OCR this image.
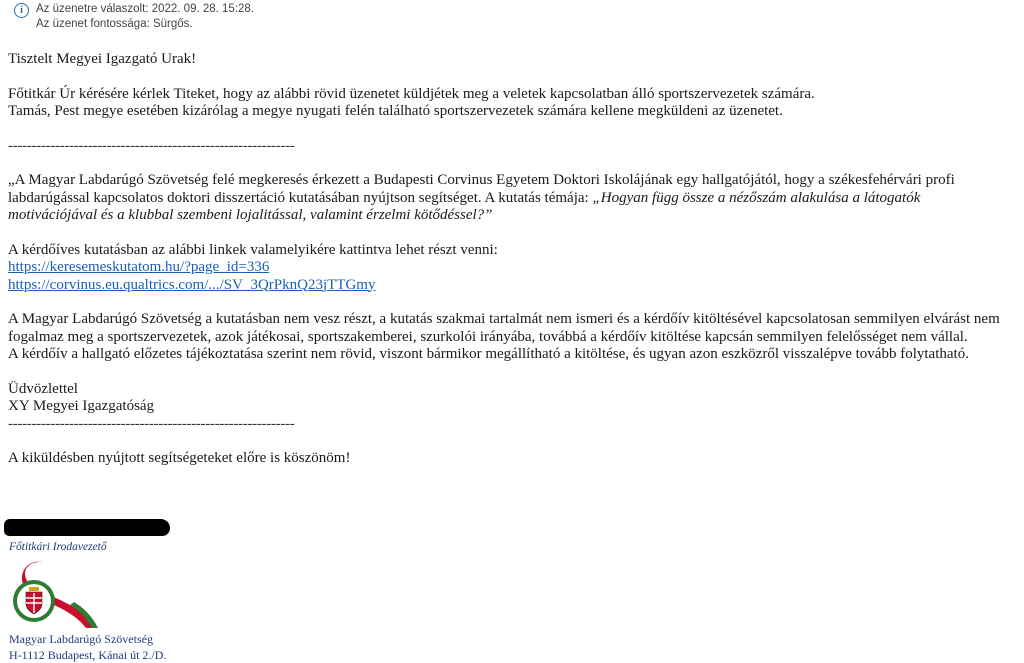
i	Az üzenetre válaszolt: 2022. 09. 28. 15:28.
Az üzenet fontossága: Sürgős.

Tisztelt Megyei Igazgató Urak!

Főtitkár Úr kérésére kérlek Titeket, hogy az alábbi rövid üzenetet küldjétek meg a veletek kapcsolatban álló sportszervezetek számára.

Tamás, Pest megye esetében kizárólag a megye nyugati felén található sportszervezetek számára kellene megküldeni az üzenetet.

-------------------------------------------------------------

„A Magyar Labdarúgó Szövetség felé megkeresés érkezett a Budapesti Corvinus Egyetem Doktori Iskolájának egy hallgatójától, hogy a székesfehérvári profi labdarúgással kapcsolatos doktori disszertáció kutatásában nyújtson segítséget. A kutatás témája: „Hogyan függ össze a nézőszám alakulása a látogatók motivációjával és a klubbal szembeni lojalitással, valamint érzelmi kötődéssel?”

A kérdőíves kutatásban az alábbi linkek valamelyikére kattintva lehet részt venni:

https://keresemeskutatom.hu/?page_id=336

https://corvinus.eu.qualtrics.com/.../SV_3QrPknQ23jTTGmy

A Magyar Labdarúgó Szövetség a kutatásban nem vesz részt, a kutatás szakmai tartalmát nem ismeri és a kérdőív kitöltésével kapcsolatosan semmilyen elvárást nem fogalmaz meg a sportszervezetek, azok játékosai, sportszakemberei, szurkolói irányába, továbbá a kérdőív kitöltése kapcsán semmilyen felelősséget nem vállal.

A kérdőív a hallgató előzetes tájékoztatása szerint nem rövid, viszont bármikor megállítható a kitöltése, és ugyan azon eszközről visszalépve tovább folytatható.

Üdvözlettel

XY Megyei Igazgatóság

-------------------------------------------------------------

A kiküldésben nyújtott segítségeteket előre is köszönöm!

Főtitkári Irodavezető
Magyar Labdarúgó Szövetség
H-1112 Budapest, Kánai út 2./D.
